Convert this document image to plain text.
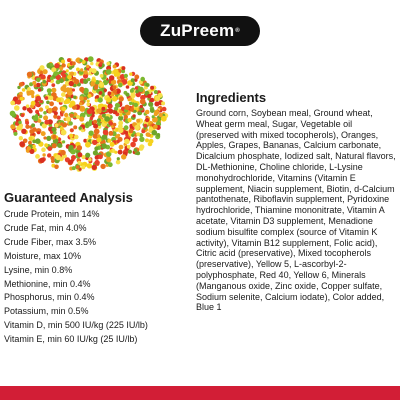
ZuPreem ®
Guaranteed Analysis
Crude Protein, min 14%
Crude Fat, min 4.0%
Crude Fiber, max 3.5%
Moisture, max 10%
Lysine, min 0.8%
Methionine, min 0.4%
Phosphorus, min 0.4%
Potassium, min 0.5%
Vitamin D, min 500 IU/kg (225 IU/lb)
Vitamin E, min 60 IU/kg (25 IU/lb)
Ingredients

Ground corn, Soybean meal, Ground wheat, Wheat germ meal, Sugar, Vegetable oil (preserved with mixed tocopherols), Oranges, Apples, Grapes, Bananas, Calcium carbonate, Dicalcium phosphate, Iodized salt, Natural flavors, DL-Methionine, Choline chloride, L-Lysine monohydrochloride, Vitamins (Vitamin E supplement, Niacin supplement, Biotin, d-Calcium pantothenate, Riboflavin supplement, Pyridoxine hydrochloride, Thiamine mononitrate, Vitamin A acetate, Vitamin D3 supplement, Menadione sodium bisulfite complex (source of Vitamin K activity), Vitamin B12 supplement, Folic acid), Citric acid (preservative), Mixed tocopherols (preservative), Yellow 5, L-ascorbyl-2-polyphosphate, Red 40, Yellow 6, Minerals (Manganous oxide, Zinc oxide, Copper sulfate, Sodium selenite, Calcium iodate), Color added, Blue 1
